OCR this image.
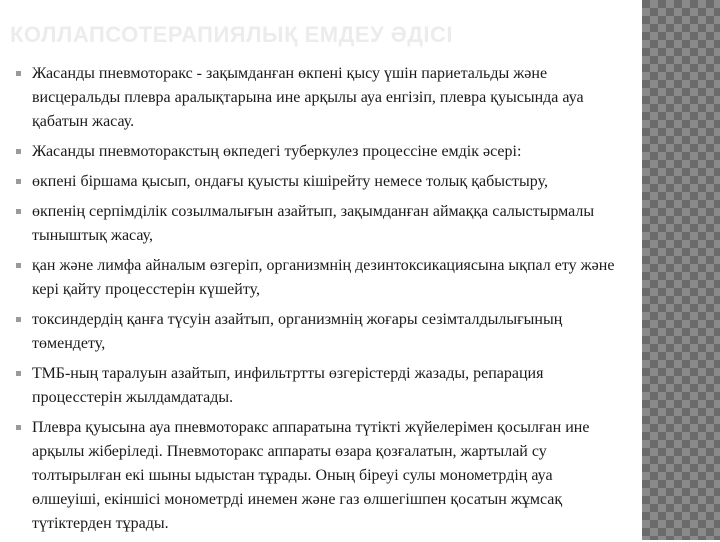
КОЛЛАПСОТЕРАПИЯЛЫҚ ЕМДЕУ ӘДІСІ
Жасанды пневмоторакс - зақымданған өкпені қысу үшін париетальды және висцеральды плевра аралықтарына ине арқылы ауа енгізіп, плевра қуысында ауа қабатын жасау.
Жасанды пневмоторакстың өкпедегі туберкулез процессіне емдік әсері:
өкпені біршама қысып, ондағы қуысты кішірейту немесе толық қабыстыру,
өкпенің серпімділік созылмалығын азайтып, зақымданған аймаққа салыстырмалы тыныштық жасау,
қан және лимфа айналым өзгеріп, организмнің дезинтоксикациясына ықпал ету және кері қайту процесстерін күшейту,
токсиндердің қанға түсуін азайтып, организмнің жоғары сезімталдылығының төмендету,
ТМБ-ның таралуын азайтып, инфильтртты өзгерістерді жазады, репарация процесстерін жылдамдатады.
Плевра қуысына ауа пневмоторакс аппаратына түтікті жүйелерімен қосылған ине арқылы жіберіледі. Пневмоторакс аппараты өзара қозғалатын, жартылай су толтырылған екі шыны ыдыстан тұрады. Оның біреуі сулы монометрдің ауа өлшеуіші, екіншісі монометрді инемен және газ өлшегішпен қосатын жұмсақ түтіктерден тұрады.
